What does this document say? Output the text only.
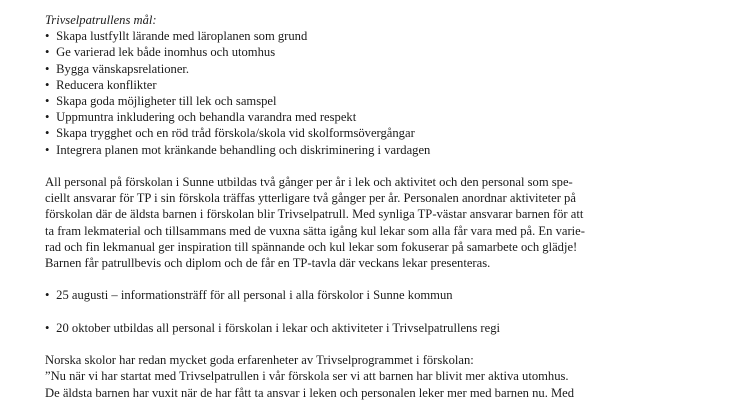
Trivselpatrullens mål:

• Skapa lustfyllt lärande med läroplanen som grund
• Ge varierad lek både inomhus och utomhus
• Bygga vänskapsrelationer.
• Reducera konflikter
• Skapa goda möjligheter till lek och samspel
• Uppmuntra inkludering och behandla varandra med respekt
• Skapa trygghet och en röd tråd förskola/skola vid skolformsövergångar
• Integrera planen mot kränkande behandling och diskriminering i vardagen

All personal på förskolan i Sunne utbildas två gånger per år i lek och aktivitet och den personal som spe-
ciellt ansvarar för TP i sin förskola träffas ytterligare två gånger per år. Personalen anordnar aktiviteter på
förskolan där de äldsta barnen i förskolan blir Trivselpatrull. Med synliga TP-västar ansvarar barnen för att
ta fram lekmaterial och tillsammans med de vuxna sätta igång kul lekar som alla får vara med på. En varie-
rad och fin lekmanual ger inspiration till spännande och kul lekar som fokuserar på samarbete och glädje!
Barnen får patrullbevis och diplom och de får en TP-tavla där veckans lekar presenteras.

• 25 augusti – informationsträff för all personal i alla förskolor i Sunne kommun

• 20 oktober utbildas all personal i förskolan i lekar och aktiviteter i Trivselpatrullens regi

Norska skolor har redan mycket goda erfarenheter av Trivselprogrammet i förskolan:
”Nu när vi har startat med Trivselpatrullen i vår förskola ser vi att barnen har blivit mer aktiva utomhus.
De äldsta barnen har vuxit när de har fått ta ansvar i leken och personalen leker mer med barnen nu. Med
